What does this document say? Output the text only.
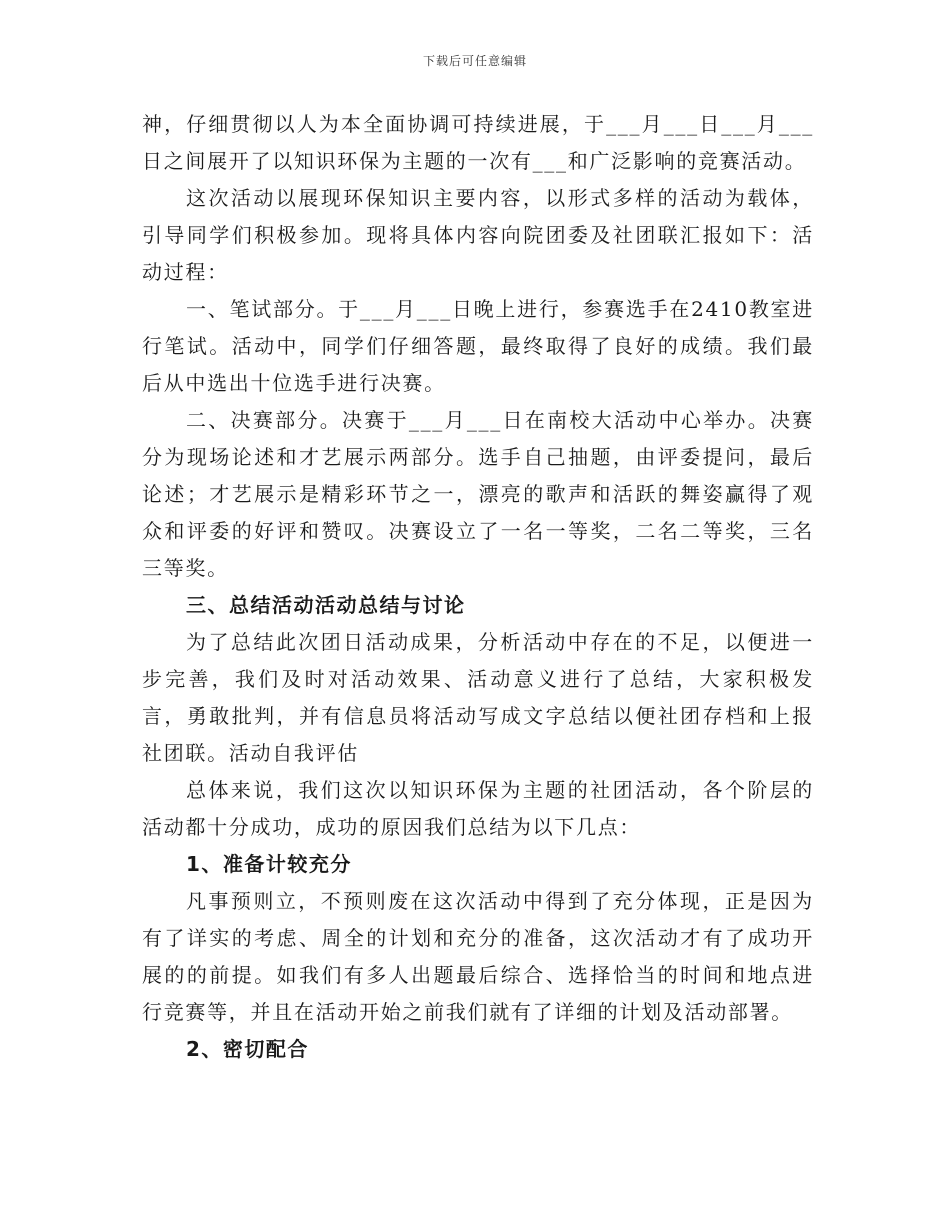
下载后可任意编辑

神，仔细贯彻以人为本全面协调可持续进展，于___月___日___月___日之间展开了以知识环保为主题的一次有___和广泛影响的竞赛活动。

这次活动以展现环保知识主要内容，以形式多样的活动为载体，引导同学们积极参加。现将具体内容向院团委及社团联汇报如下：活动过程：

一、笔试部分。于___月___日晚上进行，参赛选手在2410教室进行笔试。活动中，同学们仔细答题，最终取得了良好的成绩。我们最后从中选出十位选手进行决赛。

二、决赛部分。决赛于___月___日在南校大活动中心举办。决赛分为现场论述和才艺展示两部分。选手自己抽题，由评委提问，最后论述；才艺展示是精彩环节之一，漂亮的歌声和活跃的舞姿赢得了观众和评委的好评和赞叹。决赛设立了一名一等奖，二名二等奖，三名三等奖。

三、总结活动活动总结与讨论

为了总结此次团日活动成果，分析活动中存在的不足，以便进一步完善，我们及时对活动效果、活动意义进行了总结，大家积极发言，勇敢批判，并有信息员将活动写成文字总结以便社团存档和上报社团联。活动自我评估

总体来说，我们这次以知识环保为主题的社团活动，各个阶层的活动都十分成功，成功的原因我们总结为以下几点：

1、准备计较充分

凡事预则立，不预则废在这次活动中得到了充分体现，正是因为有了详实的考虑、周全的计划和充分的准备，这次活动才有了成功开展的的前提。如我们有多人出题最后综合、选择恰当的时间和地点进行竞赛等，并且在活动开始之前我们就有了详细的计划及活动部署。

2、密切配合
